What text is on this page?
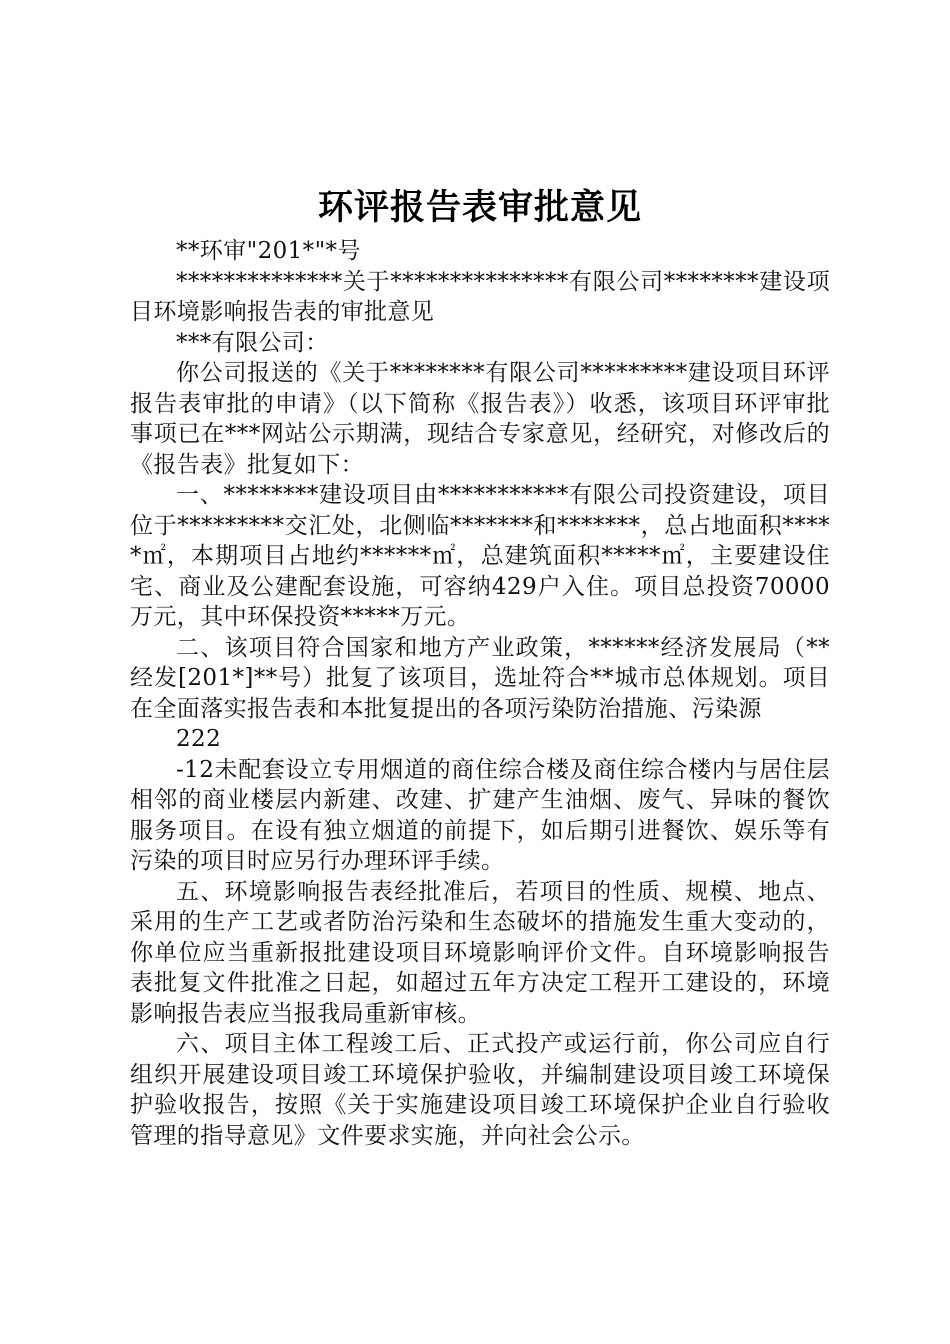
环评报告表审批意见

**环审"201*"*号

**************关于***************有限公司********建设项目环境影响报告表的审批意见

***有限公司：

你公司报送的《关于********有限公司*********建设项目环评报告表审批的申请》（以下简称《报告表》）收悉，该项目环评审批事项已在***网站公示期满，现结合专家意见，经研究，对修改后的《报告表》批复如下：

一、********建设项目由***********有限公司投资建设，项目位于*********交汇处，北侧临*******和*******，总占地面积*****㎡，本期项目占地约******㎡，总建筑面积*****㎡，主要建设住宅、商业及公建配套设施，可容纳429户入住。项目总投资70000万元，其中环保投资*****万元。

二、该项目符合国家和地方产业政策，******经济发展局（**经发[201*]**号）批复了该项目，选址符合**城市总体规划。项目在全面落实报告表和本批复提出的各项污染防治措施、污染源

222

-12未配套设立专用烟道的商住综合楼及商住综合楼内与居住层相邻的商业楼层内新建、改建、扩建产生油烟、废气、异味的餐饮服务项目。在设有独立烟道的前提下，如后期引进餐饮、娱乐等有污染的项目时应另行办理环评手续。

五、环境影响报告表经批准后，若项目的性质、规模、地点、采用的生产工艺或者防治污染和生态破坏的措施发生重大变动的，你单位应当重新报批建设项目环境影响评价文件。自环境影响报告表批复文件批准之日起，如超过五年方决定工程开工建设的，环境影响报告表应当报我局重新审核。

六、项目主体工程竣工后、正式投产或运行前，你公司应自行组织开展建设项目竣工环境保护验收，并编制建设项目竣工环境保护验收报告，按照《关于实施建设项目竣工环境保护企业自行验收管理的指导意见》文件要求实施，并向社会公示。
